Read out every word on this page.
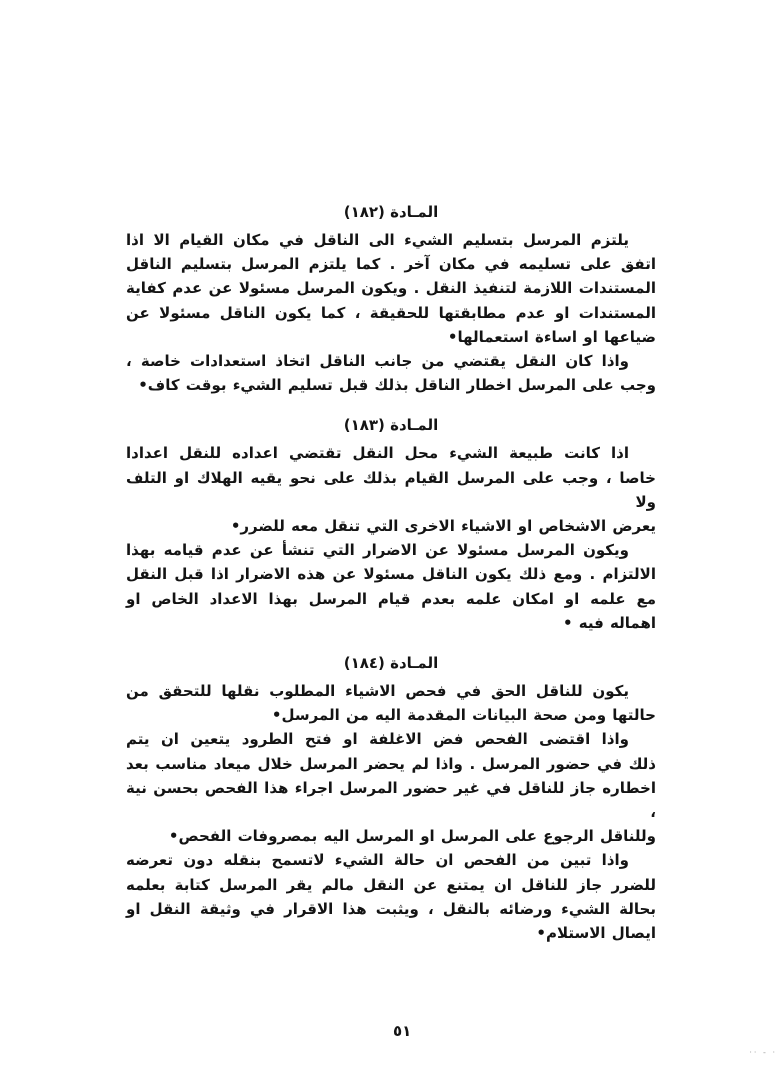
المـادة (١٨٢)
يلتزم المرسل بتسليم الشيء الى الناقل في مكان القيام الا اذا
اتفق على تسليمه في مكان آخر . كما يلتزم المرسل بتسليم الناقل
المستندات اللازمة لتنفيذ النقل . ويكون المرسل مسئولا عن عدم كفاية
المستندات او عدم مطابقتها للحقيقة ، كما يكون الناقل مسئولا عن
ضياعها او اساءة استعمالها•
واذا كان النقل يقتضي من جانب الناقل اتخاذ استعدادات خاصة ،
وجب على المرسل اخطار الناقل بذلك قبل تسليم الشيء بوقت كاف•
المـادة (١٨٣)
اذا كانت طبيعة الشيء محل النقل تقتضي اعداده للنقل اعدادا
خاصا ، وجب على المرسل القيام بذلك على نحو يقيه الهلاك او التلف ولا
يعرض الاشخاص او الاشياء الاخرى التي تنقل معه للضرر•
ويكون المرسل مسئولا عن الاضرار التي تنشأ عن عدم قيامه بهذا
الالتزام . ومع ذلك يكون الناقل مسئولا عن هذه الاضرار اذا قبل النقل
مع علمه او امكان علمه بعدم قيام المرسل بهذا الاعداد الخاص او
اهماله فيه •
المـادة (١٨٤)
يكون للناقل الحق في فحص الاشياء المطلوب نقلها للتحقق من
حالتها ومن صحة البيانات المقدمة اليه من المرسل•
واذا اقتضى الفحص فض الاغلفة او فتح الطرود يتعين ان يتم
ذلك في حضور المرسل . واذا لم يحضر المرسل خلال ميعاد مناسب بعد
اخطاره جاز للناقل في غير حضور المرسل اجراء هذا الفحص بحسن نية ،
وللناقل الرجوع على المرسل او المرسل اليه بمصروفات الفحص•
واذا تبين من الفحص ان حالة الشيء لاتسمح بنقله دون تعرضه
للضرر جاز للناقل ان يمتنع عن النقل مالم يقر المرسل كتابة بعلمه
بحالة الشيء ورضائه بالنقل ، ويثبت هذا الاقرار في وثيقة النقل او
ايصال الاستلام•
٥١
·· - ·
